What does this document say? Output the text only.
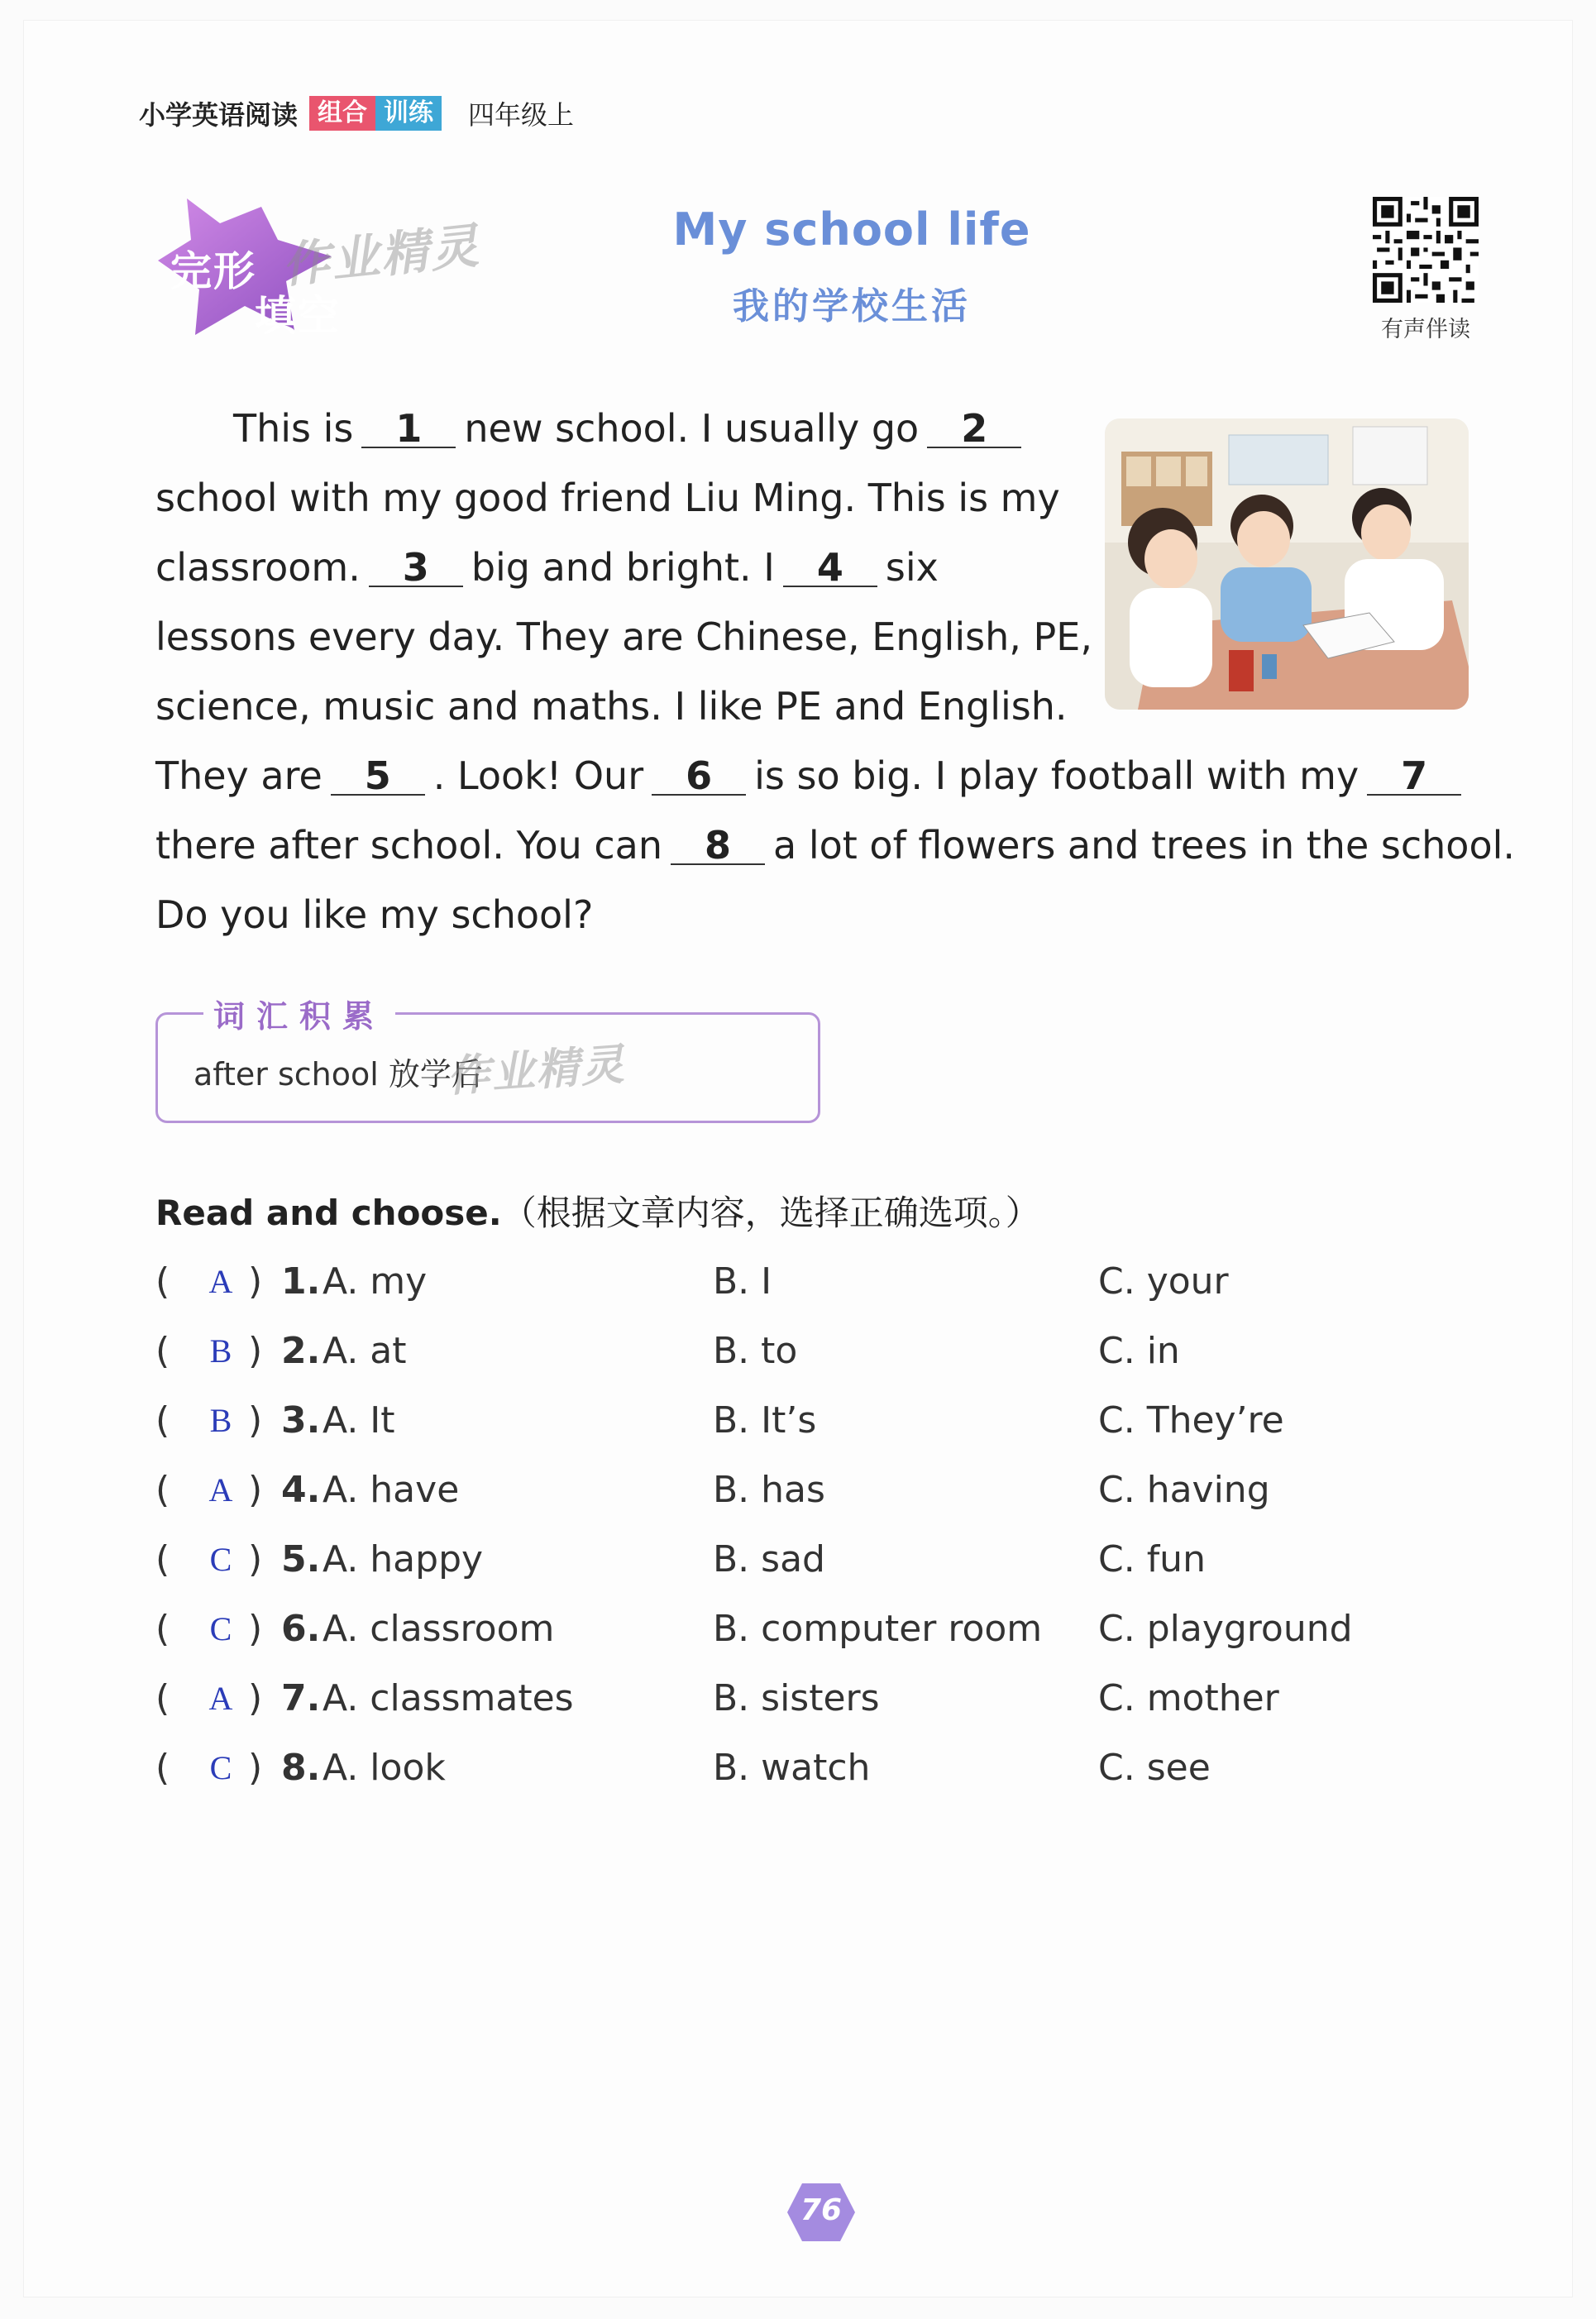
小学英语阅读 组合 训练	四年级上
完形
填空
作业精灵	My school life
我的学校生活
有声伴读
This is 1 new school. I usually go 2
school with my good friend Liu Ming. This is my
classroom. 3 big and bright. I 4 six
lessons every day. They are Chinese, English, PE,
science, music and maths. I like PE and English.
They are 5 . Look! Our 6 is so big. I play football with my 7
there after school. You can 8 a lot of flowers and trees in the school.
Do you like my school?
词汇积累
after school 放学后
作业精灵
Read and choose.（根据文章内容，选择正确选项。）
( A ) 1. A. my	B. I	C. your
( B ) 2. A. at	B. to	C. in
( B ) 3. A. It	B. It’s	C. They’re
( A ) 4. A. have	B. has	C. having
( C ) 5. A. happy	B. sad	C. fun
( C ) 6. A. classroom	B. computer room C. playground
( A ) 7. A. classmates	B. sisters	C. mother
( C ) 8. A. look	B. watch	C. see
76
